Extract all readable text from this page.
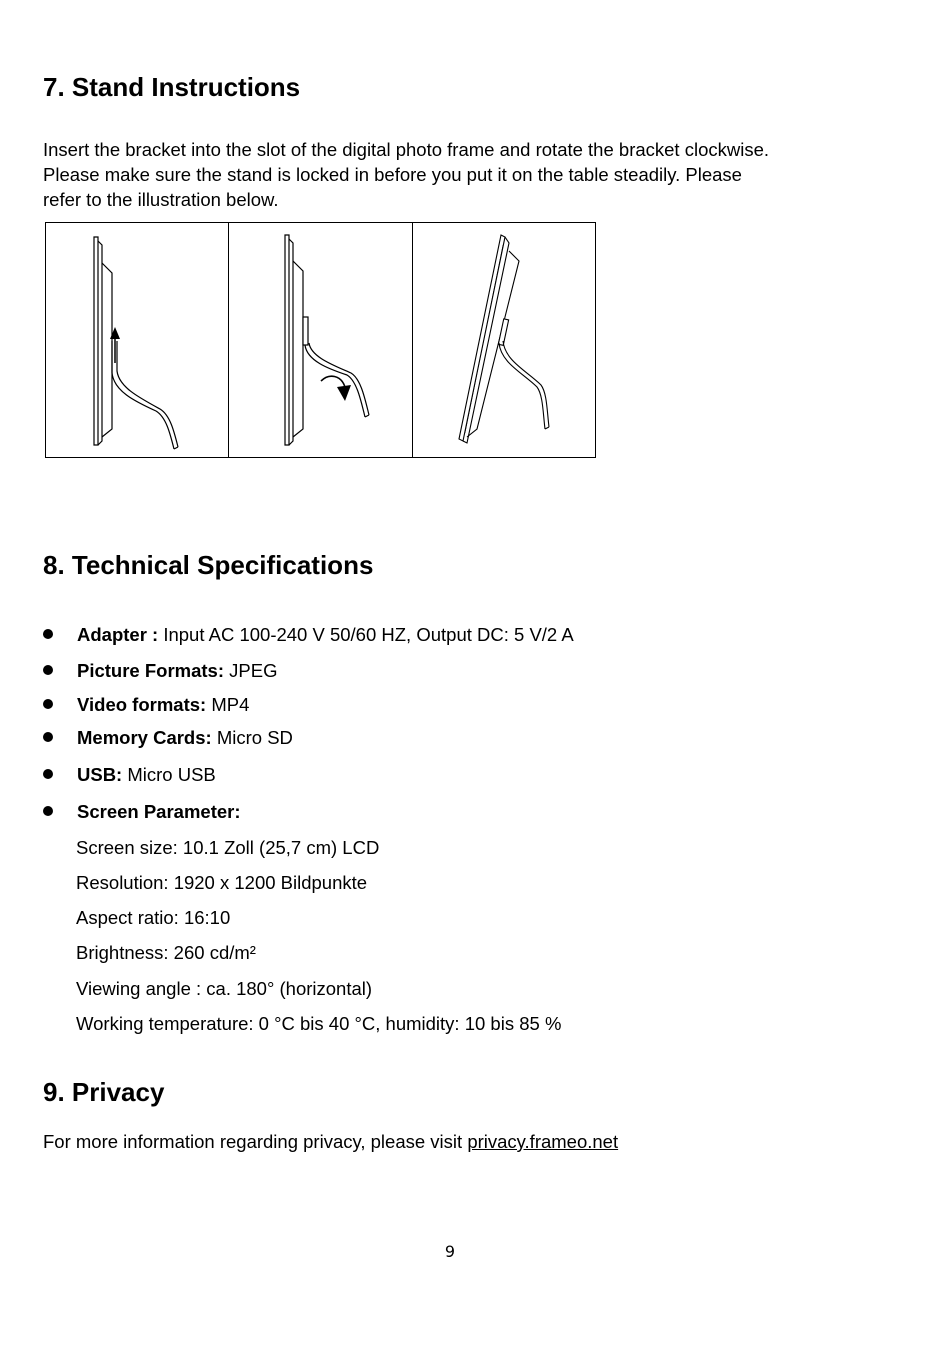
7. Stand Instructions
Insert the bracket into the slot of the digital photo frame and rotate the bracket clockwise.
Please make sure the stand is locked in before you put it on the table steadily. Please
refer to the illustration below.
8. Technical Specifications
Adapter : Input AC 100-240 V 50/60 HZ, Output DC: 5 V/2 A
Picture Formats: JPEG
Video formats: MP4
Memory Cards: Micro SD
USB: Micro USB
Screen Parameter:
Screen size: 10.1 Zoll (25,7 cm) LCD
Resolution: 1920 x 1200 Bildpunkte
Aspect ratio: 16:10
Brightness: 260 cd/m²
Viewing angle : ca. 180° (horizontal)
Working temperature: 0 °C bis 40 °C, humidity: 10 bis 85 %
9. Privacy
For more information regarding privacy, please visit privacy.frameo.net
9
